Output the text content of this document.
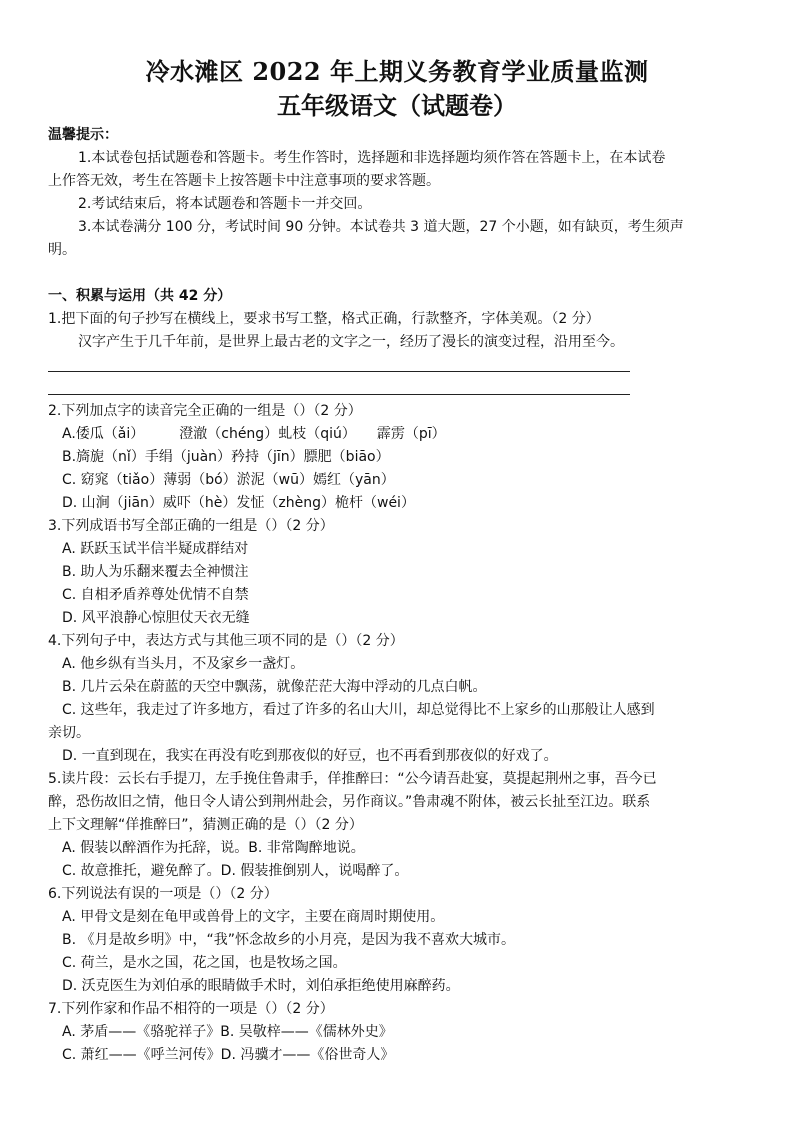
冷水滩区 2022 年上期义务教育学业质量监测
五年级语文（试题卷）
温馨提示：
1.本试卷包括试题卷和答题卡。考生作答时，选择题和非选择题均须作答在答题卡上，在本试卷
上作答无效，考生在答题卡上按答题卡中注意事项的要求答题。
2.考试结束后，将本试题卷和答题卡一并交回。
3.本试卷满分 100 分，考试时间 90 分钟。本试卷共 3 道大题，27 个小题，如有缺页，考生须声
明。
一、积累与运用（共 42 分）
1.把下面的句子抄写在横线上，要求书写工整，格式正确，行款整齐，字体美观。（2 分）
汉字产生于几千年前，是世界上最古老的文字之一，经历了漫长的演变过程，沿用至今。
2.下列加点字的读音完全正确的一组是（）（2 分）
A.倭瓜（ǎi）　　　澄澈（chéng）虬枝（qiú）　　霹雳（pī）
B.旖旎（nǐ）手绢（juàn）矜持（jīn）膘肥（biāo）
C. 窈窕（tiǎo）薄弱（bó）淤泥（wū）嫣红（yān）
D. 山涧（jiān）威吓（hè）发怔（zhèng）桅杆（wéi）
3.下列成语书写全部正确的一组是（）（2 分）
A. 跃跃玉试半信半疑成群结对
B. 助人为乐翻来覆去全神惯注
C. 自相矛盾养尊处优情不自禁
D. 风平浪静心惊胆仗天衣无缝
4.下列句子中，表达方式与其他三项不同的是（）（2 分）
A. 他乡纵有当头月，不及家乡一盏灯。
B. 几片云朵在蔚蓝的天空中飘荡，就像茫茫大海中浮动的几点白帆。
C. 这些年，我走过了许多地方，看过了许多的名山大川，却总觉得比不上家乡的山那般让人感到
亲切。
D. 一直到现在，我实在再没有吃到那夜似的好豆，也不再看到那夜似的好戏了。
5.读片段：云长右手提刀，左手挽住鲁肃手，佯推醉曰：“公今请吾赴宴，莫提起荆州之事，吾今已
醉，恐伤故旧之情，他日令人请公到荆州赴会，另作商议。”鲁肃魂不附体，被云长扯至江边。联系
上下文理解“佯推醉曰”，猜测正确的是（）（2 分）
A. 假装以醉酒作为托辞，说。B. 非常陶醉地说。
C. 故意推托，避免醉了。D. 假装推倒别人，说喝醉了。
6.下列说法有误的一项是（）（2 分）
A. 甲骨文是刻在龟甲或兽骨上的文字，主要在商周时期使用。
B. 《月是故乡明》中，“我”怀念故乡的小月亮，是因为我不喜欢大城市。
C. 荷兰，是水之国，花之国，也是牧场之国。
D. 沃克医生为刘伯承的眼睛做手术时，刘伯承拒绝使用麻醉药。
7.下列作家和作品不相符的一项是（）（2 分）
A. 茅盾——《骆驼祥子》B. 吴敬梓——《儒林外史》
C. 萧红——《呼兰河传》D. 冯骥才——《俗世奇人》
